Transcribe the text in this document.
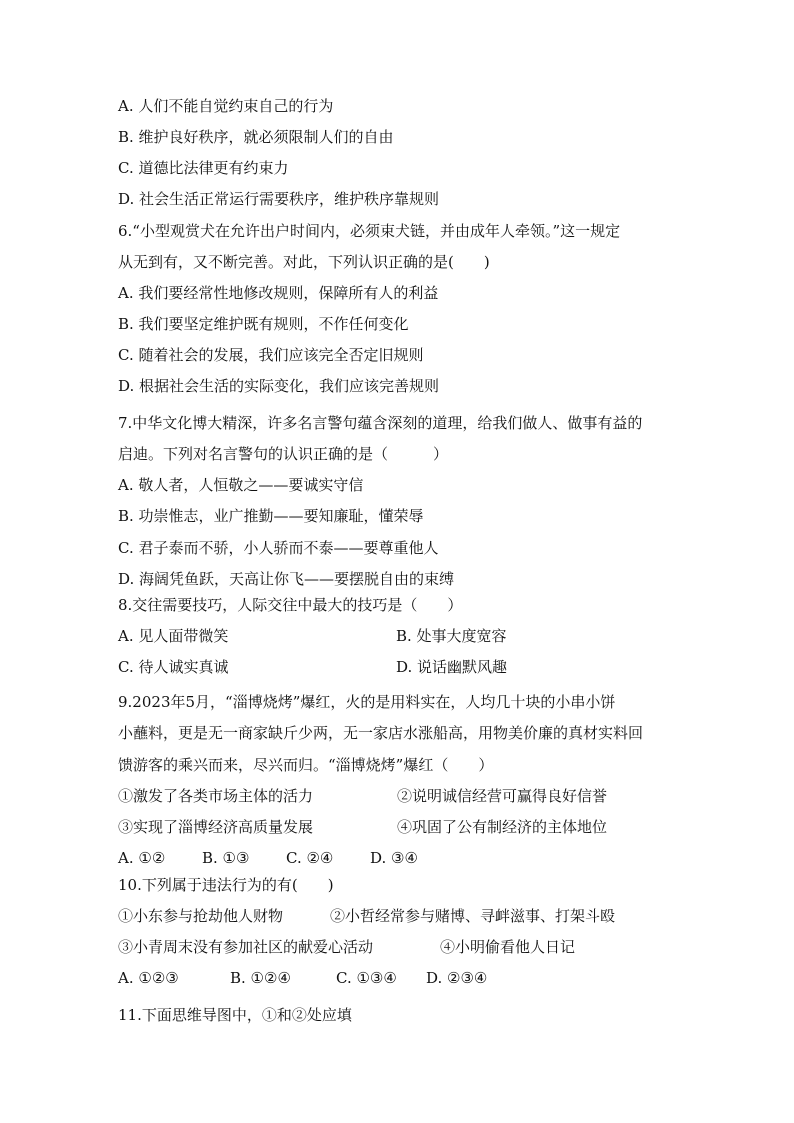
A. 人们不能自觉约束自己的行为
B. 维护良好秩序，就必须限制人们的自由
C. 道德比法律更有约束力
D. 社会生活正常运行需要秩序，维护秩序靠规则
6.“小型观赏犬在允许出户时间内，必须束犬链，并由成年人牵领。”这一规定
从无到有，又不断完善。对此，下列认识正确的是(　　)
A. 我们要经常性地修改规则，保障所有人的利益
B. 我们要坚定维护既有规则，不作任何变化
C. 随着社会的发展，我们应该完全否定旧规则
D. 根据社会生活的实际变化，我们应该完善规则
7.中华文化博大精深，许多名言警句蕴含深刻的道理，给我们做人、做事有益的
启迪。下列对名言警句的认识正确的是（　　　）
A. 敬人者，人恒敬之——要诚实守信
B. 功崇惟志，业广推勤——要知廉耻，懂荣辱
C. 君子泰而不骄，小人骄而不泰——要尊重他人
D. 海阔凭鱼跃，天高让你飞——要摆脱自由的束缚
8.交往需要技巧，人际交往中最大的技巧是（　　）
A. 见人面带微笑	B. 处事大度宽容
C. 待人诚实真诚	D. 说话幽默风趣
9.2023年5月，“淄博烧烤”爆红，火的是用料实在，人均几十块的小串小饼
小蘸料，更是无一商家缺斤少两，无一家店水涨船高，用物美价廉的真材实料回
馈游客的乘兴而来，尽兴而归。“淄博烧烤”爆红（　　）
①激发了各类市场主体的活力	②说明诚信经营可赢得良好信誉
③实现了淄博经济高质量发展	④巩固了公有制经济的主体地位
A. ①② B. ①③ C. ②④ D. ③④
10.下列属于违法行为的有(　　)
①小东参与抢劫他人财物	②小哲经常参与赌博、寻衅滋事、打架斗殴
③小青周末没有参加社区的献爱心活动	④小明偷看他人日记
A. ①②③	B. ①②④	C. ①③④ D. ②③④
11.下面思维导图中，①和②处应填
